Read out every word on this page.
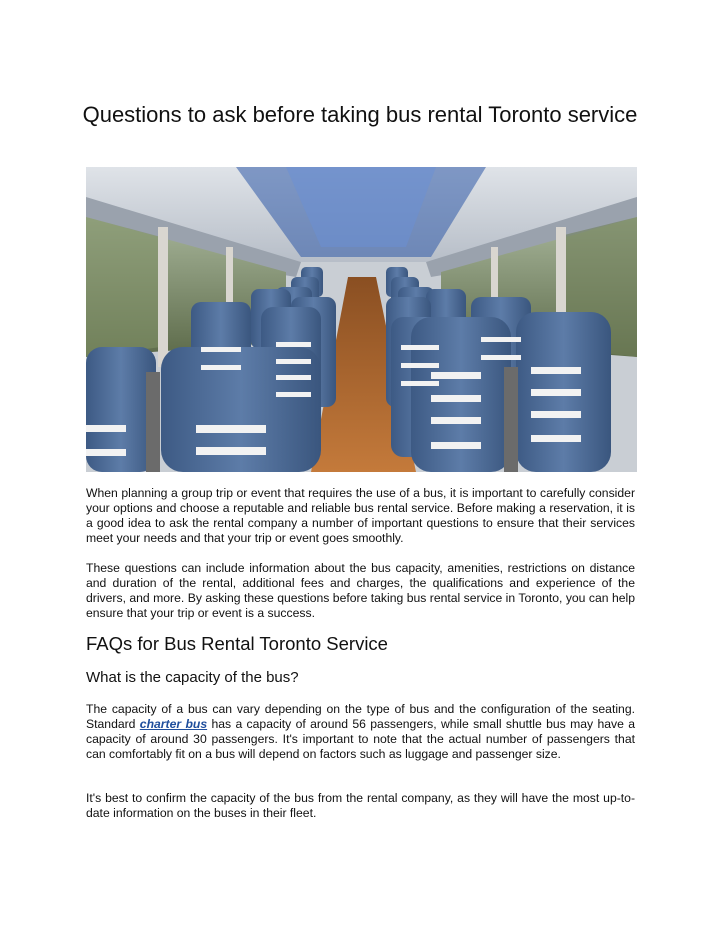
Questions to ask before taking bus rental Toronto service

When planning a group trip or event that requires the use of a bus, it is important to carefully consider your options and choose a reputable and reliable bus rental service. Before making a reservation, it is a good idea to ask the rental company a number of important questions to ensure that their services meet your needs and that your trip or event goes smoothly.

These questions can include information about the bus capacity, amenities, restrictions on distance and duration of the rental, additional fees and charges, the qualifications and experience of the drivers, and more. By asking these questions before taking bus rental service in Toronto, you can help ensure that your trip or event is a success.

FAQs for Bus Rental Toronto Service
What is the capacity of the bus?

The capacity of a bus can vary depending on the type of bus and the configuration of the seating. Standard charter bus has a capacity of around 56 passengers, while small shuttle bus may have a capacity of around 30 passengers. It's important to note that the actual number of passengers that can comfortably fit on a bus will depend on factors such as luggage and passenger size.

It's best to confirm the capacity of the bus from the rental company, as they will have the most up-to-date information on the buses in their fleet.
